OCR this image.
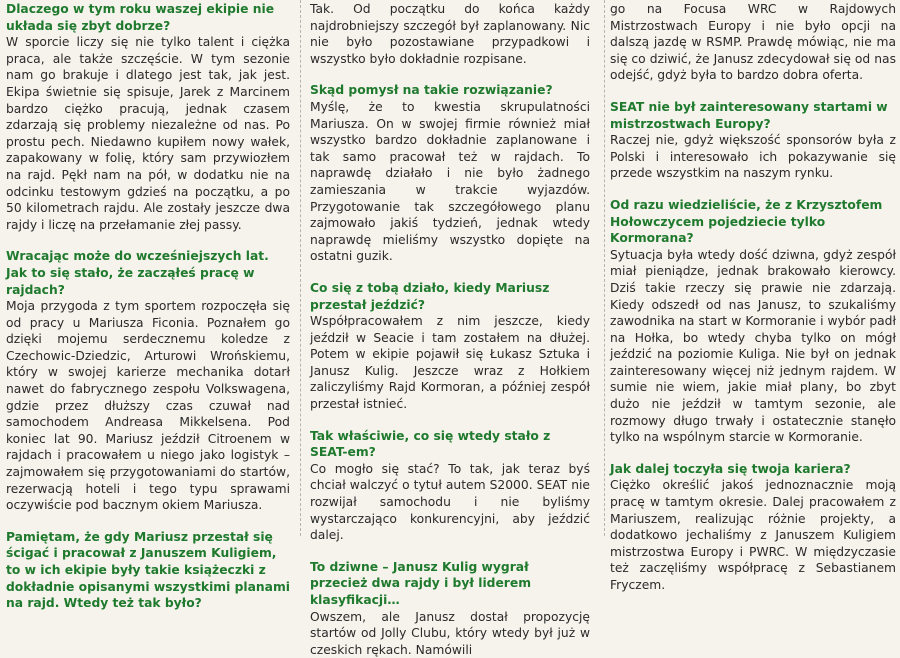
Dlaczego w tym roku waszej ekipie nie układa się zbyt dobrze?

W sporcie liczy się nie tylko talent i ciężka praca, ale także szczęście. W tym sezonie nam go brakuje i dlatego jest tak, jak jest. Ekipa świetnie się spisuje, Jarek z Marcinem bardzo ciężko pracują, jednak czasem zdarzają się problemy niezależne od nas. Po prostu pech. Niedawno kupiłem nowy wałek, zapakowany w folię, który sam przywiozłem na rajd. Pękł nam na pół, w dodatku nie na odcinku testowym gdzieś na początku, a po 50 kilometrach rajdu. Ale zostały jeszcze dwa rajdy i liczę na przełamanie złej passy.

Wracając może do wcześniejszych lat. Jak to się stało, że zacząłeś pracę w rajdach?

Moja przygoda z tym sportem rozpoczęła się od pracy u Mariusza Ficonia. Poznałem go dzięki mojemu serdecznemu koledze z Czechowic-Dziedzic, Arturowi Wrońskiemu, który w swojej karierze mechanika dotarł nawet do fabrycznego zespołu Volkswagena, gdzie przez dłuższy czas czuwał nad samochodem Andreasa Mikkelsena. Pod koniec lat 90. Mariusz jeździł Citroenem w rajdach i pracowałem u niego jako logistyk – zajmowałem się przygotowaniami do startów, rezerwacją hoteli i tego typu sprawami oczywiście pod bacznym okiem Mariusza.

Pamiętam, że gdy Mariusz przestał się ścigać i pracował z Januszem Kuligiem, to w ich ekipie były takie książeczki z dokładnie opisanymi wszystkimi planami na rajd. Wtedy też tak było?

Tak. Od początku do końca każdy najdrobniejszy szczegół był zaplanowany. Nic nie było pozostawiane przypadkowi i wszystko było dokładnie rozpisane.

Skąd pomysł na takie rozwiązanie?

Myślę, że to kwestia skrupulatności Mariusza. On w swojej firmie również miał wszystko bardzo dokładnie zaplanowane i tak samo pracował też w rajdach. To naprawdę działało i nie było żadnego zamieszania w trakcie wyjazdów. Przygotowanie tak szczegółowego planu zajmowało jakiś tydzień, jednak wtedy naprawdę mieliśmy wszystko dopięte na ostatni guzik.

Co się z tobą działo, kiedy Mariusz przestał jeździć?

Współpracowałem z nim jeszcze, kiedy jeździł w Seacie i tam zostałem na dłużej. Potem w ekipie pojawił się Łukasz Sztuka i Janusz Kulig. Jeszcze wraz z Hołkiem zaliczyliśmy Rajd Kormoran, a później zespół przestał istnieć.

Tak właściwie, co się wtedy stało z SEAT-em?

Co mogło się stać? To tak, jak teraz byś chciał walczyć o tytuł autem S2000. SEAT nie rozwijał samochodu i nie byliśmy wystarczająco konkurencyjni, aby jeździć dalej.

To dziwne – Janusz Kulig wygrał przecież dwa rajdy i był liderem klasyfikacji…

Owszem, ale Janusz dostał propozycję startów od Jolly Clubu, który wtedy był już w czeskich rękach. Namówili

go na Focusa WRC w Rajdowych Mistrzostwach Europy i nie było opcji na dalszą jazdę w RSMP. Prawdę mówiąc, nie ma się co dziwić, że Janusz zdecydował się od nas odejść, gdyż była to bardzo dobra oferta.

SEAT nie był zainteresowany startami w mistrzostwach Europy?

Raczej nie, gdyż większość sponsorów była z Polski i interesowało ich pokazywanie się przede wszystkim na naszym rynku.

Od razu wiedzieliście, że z Krzysztofem Hołowczycem pojedziecie tylko Kormorana?

Sytuacja była wtedy dość dziwna, gdyż zespół miał pieniądze, jednak brakowało kierowcy. Dziś takie rzeczy się prawie nie zdarzają. Kiedy odszedł od nas Janusz, to szukaliśmy zawodnika na start w Kormoranie i wybór padł na Hołka, bo wtedy chyba tylko on mógł jeździć na poziomie Kuliga. Nie był on jednak zainteresowany więcej niż jednym rajdem. W sumie nie wiem, jakie miał plany, bo zbyt dużo nie jeździł w tamtym sezonie, ale rozmowy długo trwały i ostatecznie stanęło tylko na wspólnym starcie w Kormoranie.

Jak dalej toczyła się twoja kariera?

Ciężko określić jakoś jednoznacznie moją pracę w tamtym okresie. Dalej pracowałem z Mariuszem, realizując różnie projekty, a dodatkowo jechaliśmy z Januszem Kuligiem mistrzostwa Europy i PWRC. W międzyczasie też zaczęliśmy współpracę z Sebastianem Fryczem.
